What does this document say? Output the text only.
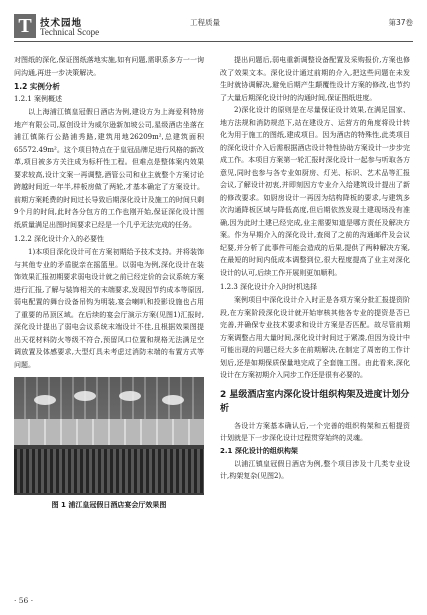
T 技术园地
Technical Scope
工程质量	第37卷

对图纸的深化,保证图纸落地实施,如有问题,需职系多方一一询问沟通,再进一步决策解决。

1.2 实例分析
1.2.1 案例概述

以上海浦江镇皇冠假日酒店为例,建设方为上海爱利特房地产有限公司,原创设计为威尔逊新加坡公司,星级酒店坐落在浦江镇陈行公路浦秀路,建筑用地26209m²,总建筑面积65572.49m²。这个项目特点在于皇冠品牌足进行风格的新改革,项目被多方关注成为标杆性工程。但难点是整体案内效果要求较高,设计文案一再调整,酒管公司和业主就整个方案讨论跨越时间近一年半,样板房做了两轮,才基本确定了方案设计。前期方案耗费的时间过长导致后期深化设计及施工的时间只剩9个月的时间,此时各分包方的工作也刚开始,保证深化设计图纸质量满足出图时间要求已经是一个几乎无法完成的任务。

1.2.2 深化设计介入的必要性

1)本项目深化设计可在方案初期给予技术支持。并将装饰与其他专业的矛盾脱亲在摇篮里。以弱电为例,深化设计在装饰效果汇报初期要求弱电设计就之前已经定价的会议系统方案进行汇报,了解与装饰相关的末端要求,发现因节约成本等原因,弱电配置的舞台设备吊钩为明装,宴会喇叭和投影设施也占用了重要的吊顶区域。在后续的宴会厅演示方案(见图1)汇报时,深化设计提出了弱电会议系统末端设计不佳,且根据效果图提出天花材料防火等级不符合,预留风口位置和规格无法满足空调放置及体感要求,大型灯具未考虑过消防末端的布置方式等问题。

图 1 浦江皇冠假日酒店宴会厅效果图

提出问题后,弱电重新调整设备配置及采购报价,方案也修改了效果文本。深化设计通过前期的介入,把这些问题在未发生时就协调解决,避免后期产生颠覆性设计方案的修改,也节约了大量后期深化设计时的沟通时间,保证图纸进度。

2)深化设计的原则是在尽量保证设计效果,在满足国家、地方法规和消防规范下,站在建设方、运营方的角度将设计转化为用于施工的图纸,建成项目。因为酒店的特殊性,此类项目的深化设计介入后需根据酒店设计特性协助方案设计一步步完成工作。本项目方案第一轮汇报时深化设计一起参与听取各方意见,同时也参与各专业如厨房、灯光、标识、艺术品等汇报会议,了解设计初衷,并即刻因方专业介入给建筑设计提出了新的修改要求。如厨房设计一再因为结构降板的要求,与建筑多次沟通降板区域与降低高度,但后期依然发现土建现场没有准确,因为此时土建已经完成,业主需要知道是哪方责任及解决方案。作为早期介入的深化设计,查阅了之前的沟通邮件及会议纪要,并分析了此事件可能会造成的后果,提供了两种解决方案,在最短的时间内低成本调整到位,很大程度提高了业主对深化设计的认可,后续工作开展则更加顺利。

1.2.3 深化设计介入时时机选择

案例项目中深化设计介入时正是各项方案分批汇报提资阶段,在方案阶段深化设计就开始审核其他各专业的提资是否已完善,并确保专业技术要求和设计方案是否匹配。故尽管前期方案调整占用大量时间,深化设计时间过于紧凑,但因为设计中可能出现的问题已经大多在前期解决,在制定了周密的工作计划后,还是如期保质保量地完成了全套施工图。由此看来,深化设计在方案初期介入同步工作还是很有必要的。

2 星级酒店室内深化设计组织构架及进度计划分析

各设计方案基本确认后,一个完善的组织构架和五相提资计划就是下一步深化设计过程贯穿始终的灵魂。

2.1 深化设计的组织构架

以浦江镇皇冠假日酒店为例,整个项目涉及十几类专业设计,构架复杂(见图2)。

· 56 ·
